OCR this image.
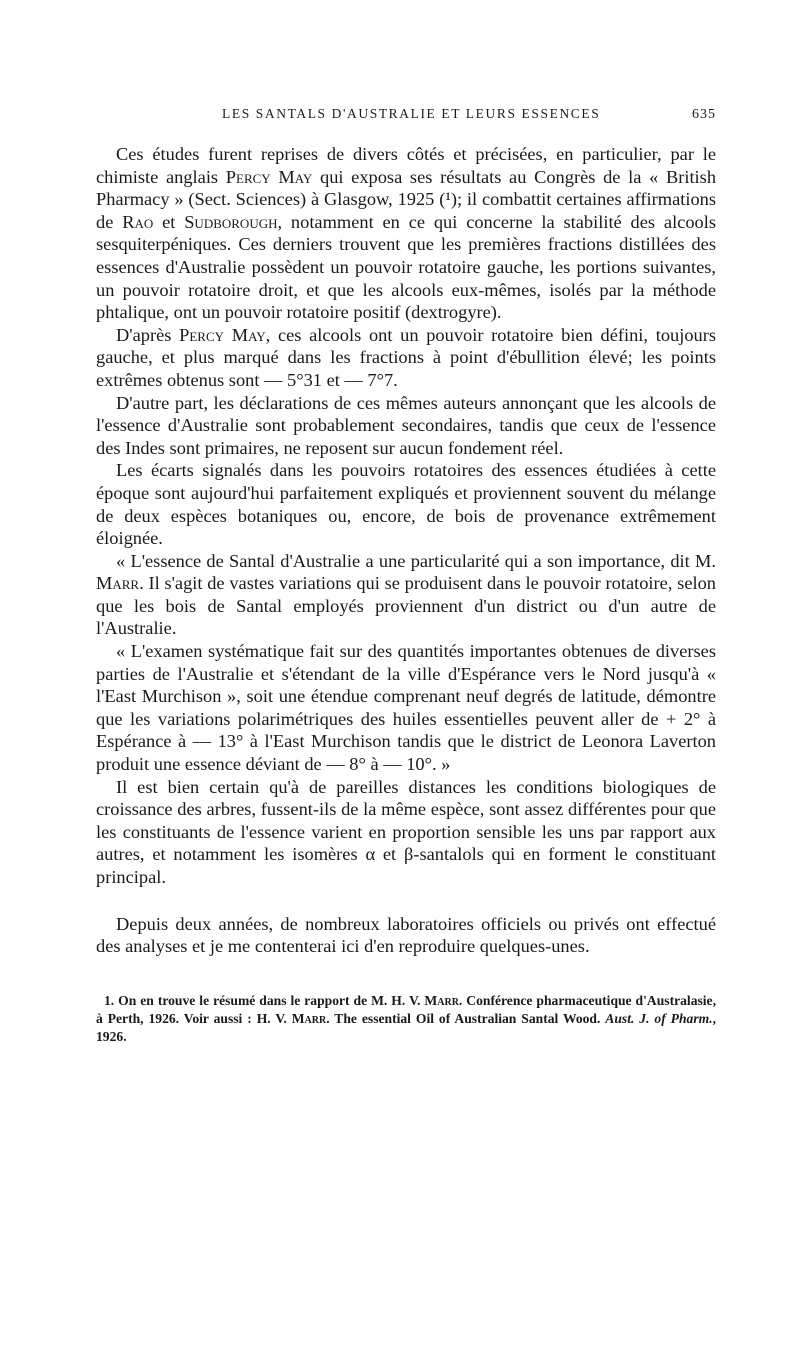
LES SANTALS D'AUSTRALIE ET LEURS ESSENCES	635

Ces études furent reprises de divers côtés et précisées, en particulier, par le chimiste anglais Percy May qui exposa ses résultats au Congrès de la « British Pharmacy » (Sect. Sciences) à Glasgow, 1925 (¹); il combattit certaines affirmations de Rao et Sudborough, notamment en ce qui concerne la stabilité des alcools sesquiterpéniques. Ces derniers trouvent que les premières fractions distillées des essences d'Australie possèdent un pouvoir rotatoire gauche, les portions suivantes, un pouvoir rotatoire droit, et que les alcools eux-mêmes, isolés par la méthode phtalique, ont un pouvoir rotatoire positif (dextrogyre).

D'après Percy May, ces alcools ont un pouvoir rotatoire bien défini, toujours gauche, et plus marqué dans les fractions à point d'ébullition élevé; les points extrêmes obtenus sont — 5°31 et — 7°7.

D'autre part, les déclarations de ces mêmes auteurs annonçant que les alcools de l'essence d'Australie sont probablement secondaires, tandis que ceux de l'essence des Indes sont primaires, ne reposent sur aucun fondement réel.

Les écarts signalés dans les pouvoirs rotatoires des essences étudiées à cette époque sont aujourd'hui parfaitement expliqués et proviennent souvent du mélange de deux espèces botaniques ou, encore, de bois de provenance extrêmement éloignée.

« L'essence de Santal d'Australie a une particularité qui a son importance, dit M. Marr. Il s'agit de vastes variations qui se produisent dans le pouvoir rotatoire, selon que les bois de Santal employés proviennent d'un district ou d'un autre de l'Australie.

« L'examen systématique fait sur des quantités importantes obtenues de diverses parties de l'Australie et s'étendant de la ville d'Espérance vers le Nord jusqu'à « l'East Murchison », soit une étendue comprenant neuf degrés de latitude, démontre que les variations polarimétriques des huiles essentielles peuvent aller de + 2° à Espérance à — 13° à l'East Murchison tandis que le district de Leonora Laverton produit une essence déviant de — 8° à — 10°. »

Il est bien certain qu'à de pareilles distances les conditions biologiques de croissance des arbres, fussent-ils de la même espèce, sont assez différentes pour que les constituants de l'essence varient en proportion sensible les uns par rapport aux autres, et notamment les isomères α et β-santalols qui en forment le constituant principal.

Depuis deux années, de nombreux laboratoires officiels ou privés ont effectué des analyses et je me contenterai ici d'en reproduire quelques-unes.

1. On en trouve le résumé dans le rapport de M. H. V. Marr. Conférence pharmaceutique d'Australasie, à Perth, 1926. Voir aussi : H. V. Marr. The essential Oil of Australian Santal Wood. Aust. J. of Pharm., 1926.
